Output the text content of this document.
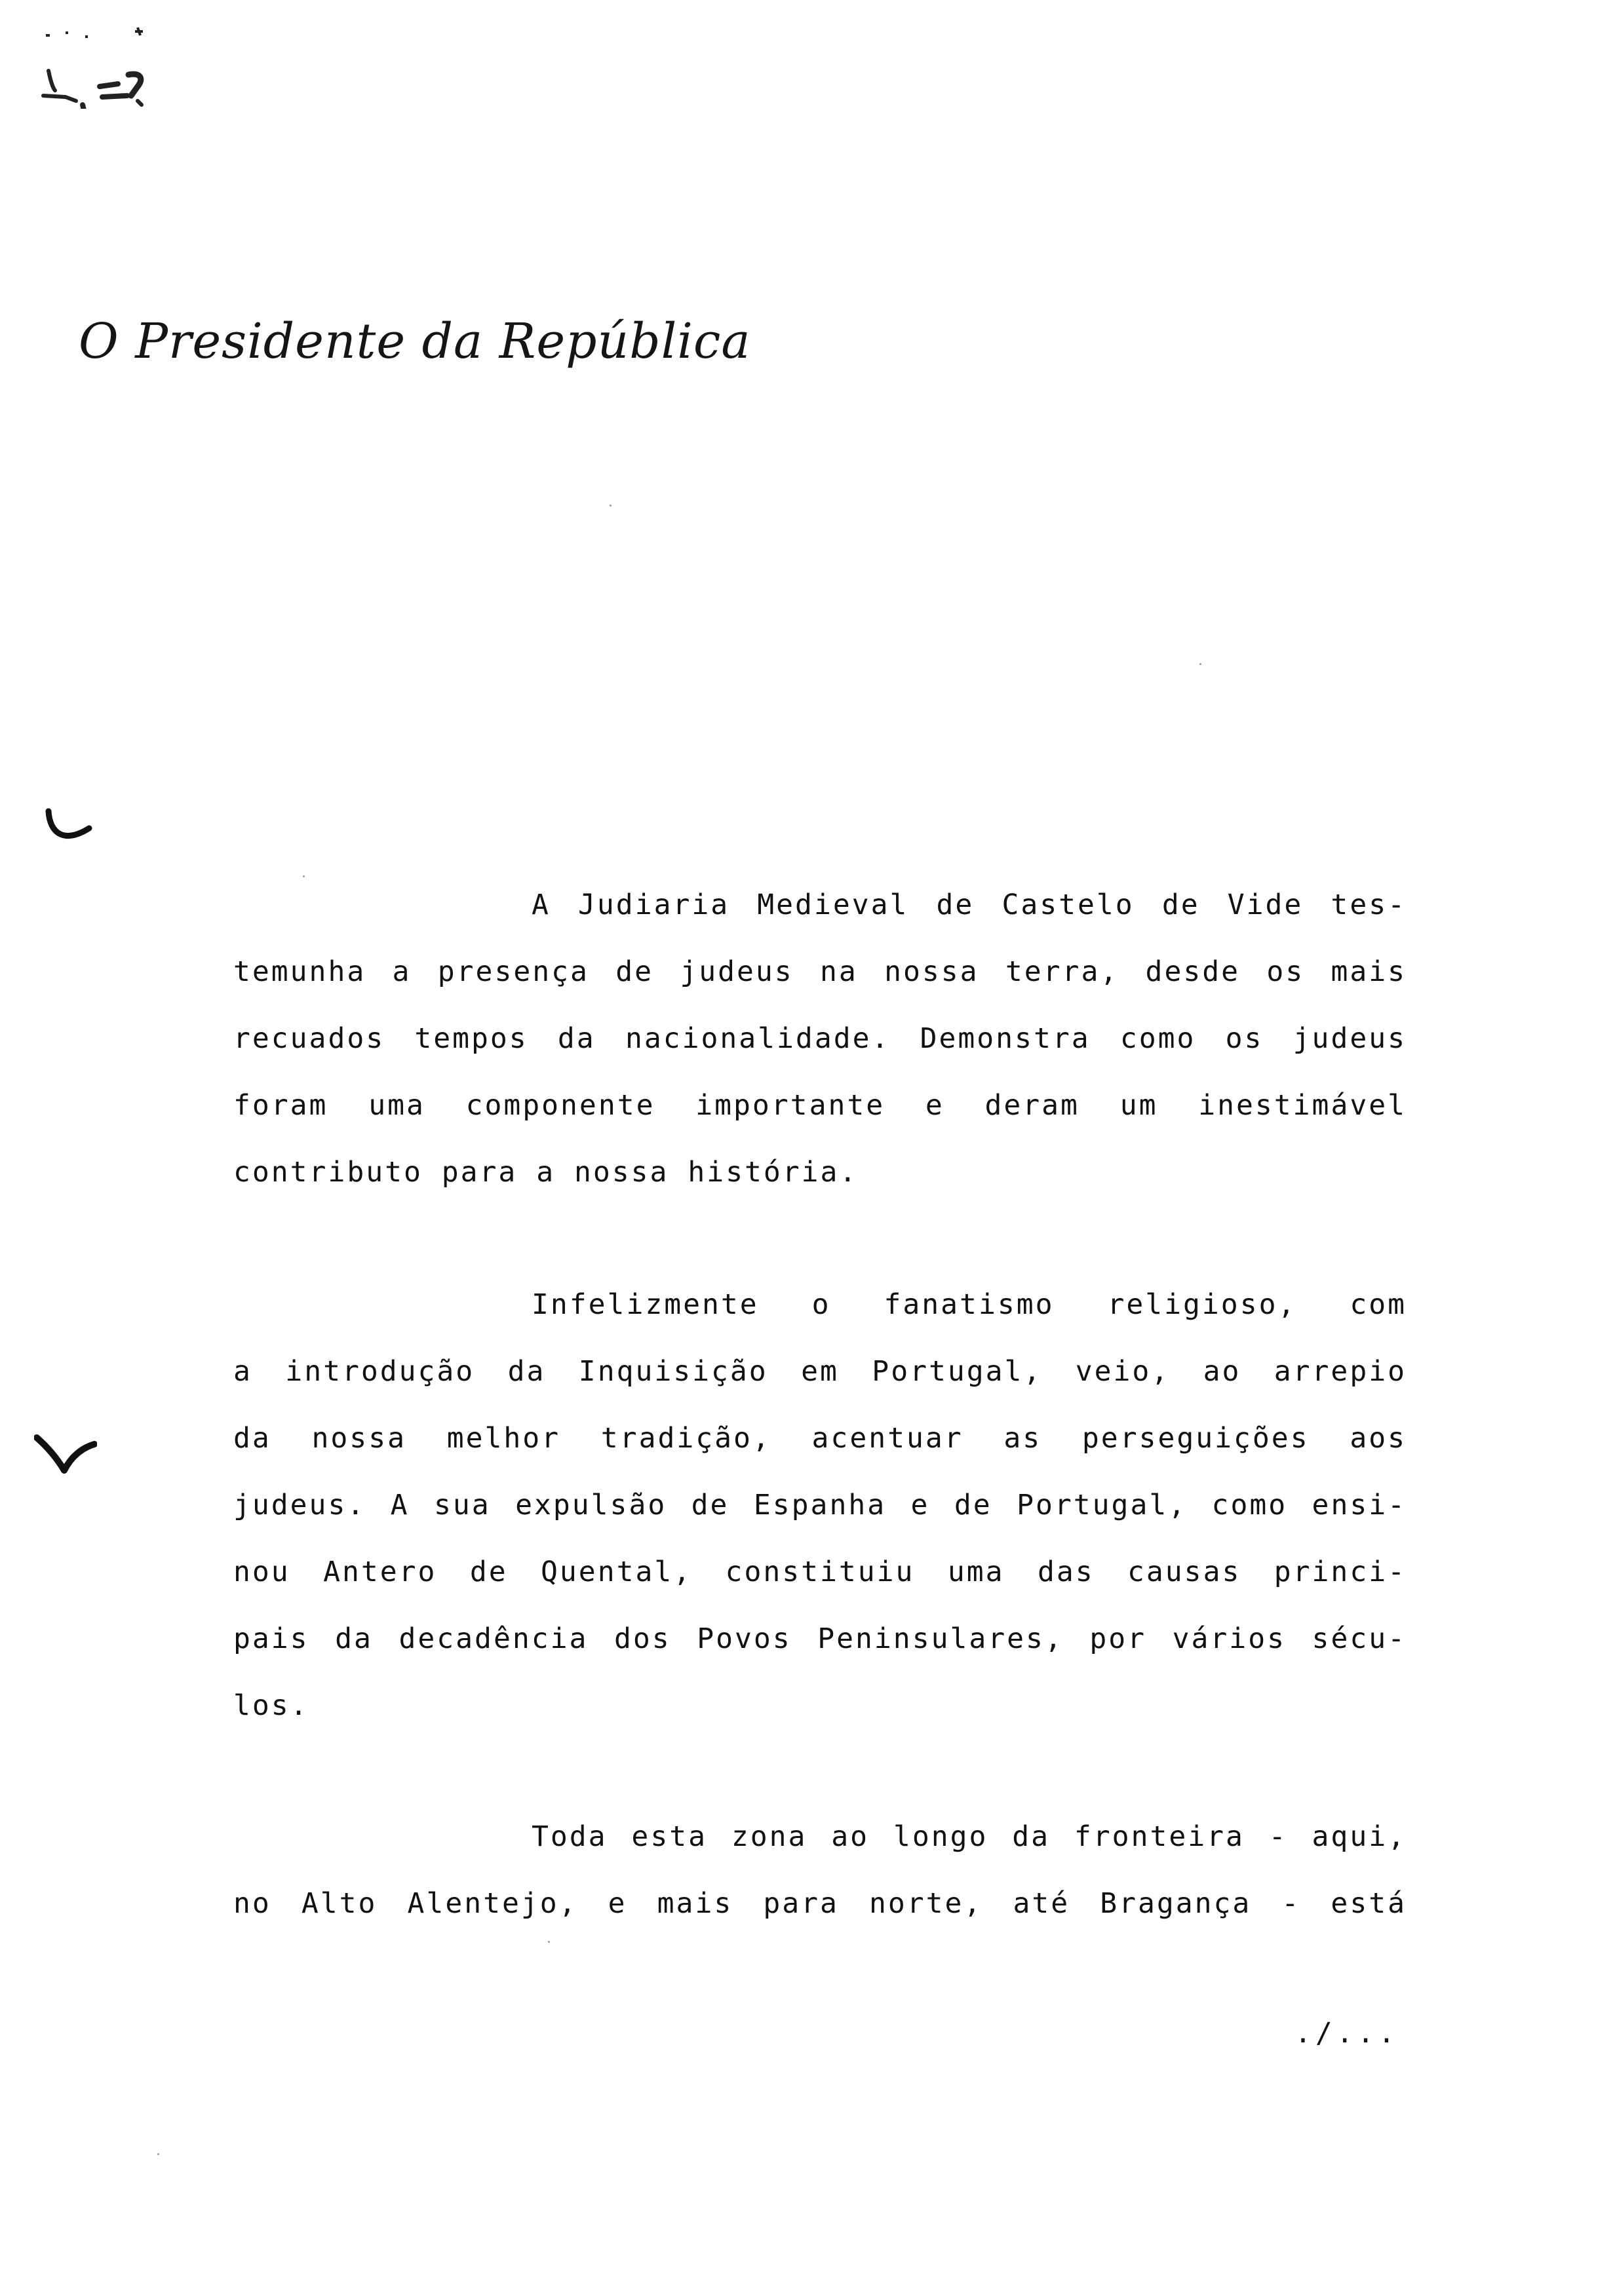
O Presidente da República
A Judiaria Medieval de Castelo de Vide tes-
temunha a presença de judeus na nossa terra, desde os mais
recuados tempos da nacionalidade. Demonstra como os judeus
foram uma componente importante e deram um inestimável
contributo para a nossa história.
Infelizmente o fanatismo religioso, com
a introdução da Inquisição em Portugal, veio, ao arrepio
da nossa melhor tradição, acentuar as perseguições aos
judeus. A sua expulsão de Espanha e de Portugal, como ensi-
nou Antero de Quental, constituiu uma das causas princi-
pais da decadência dos Povos Peninsulares, por vários sécu-
los.
Toda esta zona ao longo da fronteira - aqui,
no Alto Alentejo, e mais para norte, até Bragança - está
./...
